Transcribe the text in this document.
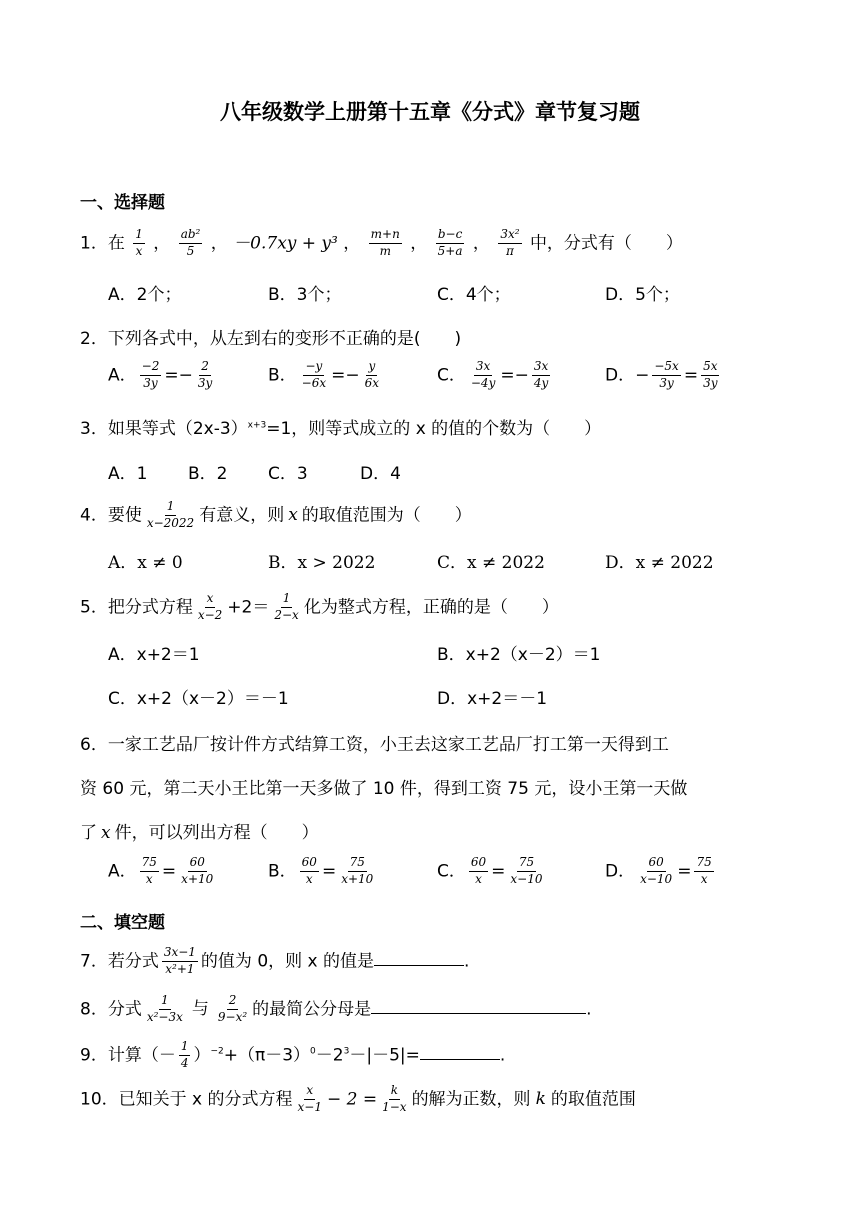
八年级数学上册第十五章《分式》章节复习题
一、选择题
1．在 $\frac{1}{x}$ ， $\frac{\text{ab²}}{5}$ ， －0.7xy + y³ ， $\frac{m+n}{m}$ ， $\frac{b-c}{5+a}$ ， $\frac{\text{3x²}}{\pi}$ 中，分式有（　　）
A．2个；	B．3个；	C．4个；	D．5个；
2．下列各式中，从左到右的变形不正确的是(　　)
A． $\frac{-2}{3y} =- \frac{2}{3y}$	B． $\frac{-y}{-6x} =- \frac{y}{6x}$	C． $\frac{3x}{-4y} =- \frac{3x}{4y}$	D．− $\frac{-5x}{3y} = \frac{5x}{3y}$
3．如果等式$(2x-3)^{x+3}=1$，则等式成立的 x 的值的个数为（　　）
A．1 B．2 C．3	D．4
4．要使 $\frac{1}{x-2022}$ 有意义，则 x 的取值范围为（　　）
A．x ≠ 0	B．x > 2022	C．x ≠ 2022	D．x ≠ 2022
5．把分式方程 $\frac{x}{x-2} +2= \frac{1}{2-x}$ 化为整式方程，正确的是（　　）
A．x+2＝1	B．x+2（x－2）＝1
C．x+2（x－2）＝－1	D．x+2＝－1
6．一家工艺品厂按计件方式结算工资，小王去这家工艺品厂打工第一天得到工
资 60 元，第二天小王比第一天多做了 10 件，得到工资 75 元，设小王第一天做
了 x 件，可以列出方程（　　）
A． $\frac{75}{x} = \frac{60}{x+10}$	B． $\frac{60}{x} = \frac{75}{x+10}$	C． $\frac{60}{x} = \frac{75}{x-10}$	D． $\frac{60}{x-10} = \frac{75}{x}$
二、填空题
7．若分式 $\frac{3x-1}{\text{x²+1}}$ 的值为 0，则 x 的值是	.
8．分式 $\frac{1}{\text{x²−3x}}$ 与 $\frac{2}{\text{9−x²}}$ 的最简公分母是	.
9．计算（－ $\frac{1}{4} )^{-2}+(\pi-3)^0-2^3-|-5|=$	.
10．已知关于 x 的分式方程 $\frac{x}{x-1} - 2 = \frac{k}{1-x}$ 的解为正数，则 k 的取值范围
